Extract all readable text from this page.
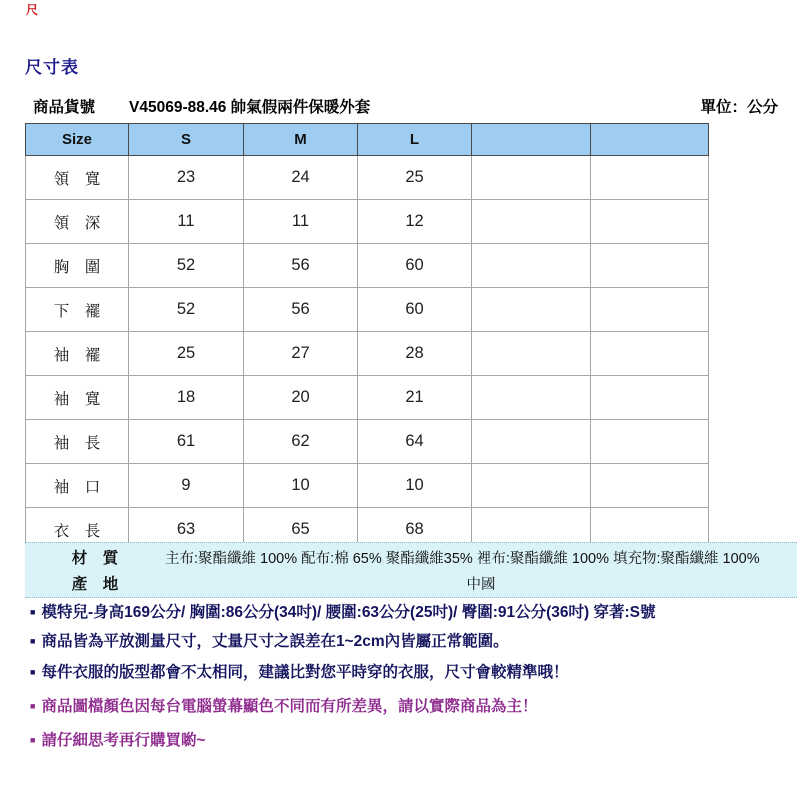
尺
尺寸表
商品貨號 V45069-88.46 帥氣假兩件保暖外套	單位：公分
Size	S	M	L		
領　寬	23	24	25		
領　深	11	11	12		
胸　圍	52	56	60		
下　襬	52	56	60		
袖　襬	25	27	28		
袖　寬	18	20	21		
袖　長	61	62	64		
袖　口	9	10	10		
衣　長	63	65	68		
材　質	主布:聚酯纖維 100% 配布:棉 65% 聚酯纖維35% 裡布:聚酯纖維 100% 填充物:聚酯纖維 100%
產　地	中國
■ 模特兒-身高169公分/ 胸圍:86公分(34吋)/ 腰圍:63公分(25吋)/ 臀圍:91公分(36吋) 穿著:S號
■ 商品皆為平放測量尺寸，丈量尺寸之誤差在1~2cm內皆屬正常範圍。
■ 每件衣服的版型都會不太相同，建議比對您平時穿的衣服，尺寸會較精準哦！
■ 商品圖檔顏色因每台電腦螢幕顯色不同而有所差異，請以實際商品為主！
■ 請仔細思考再行購買喲~
